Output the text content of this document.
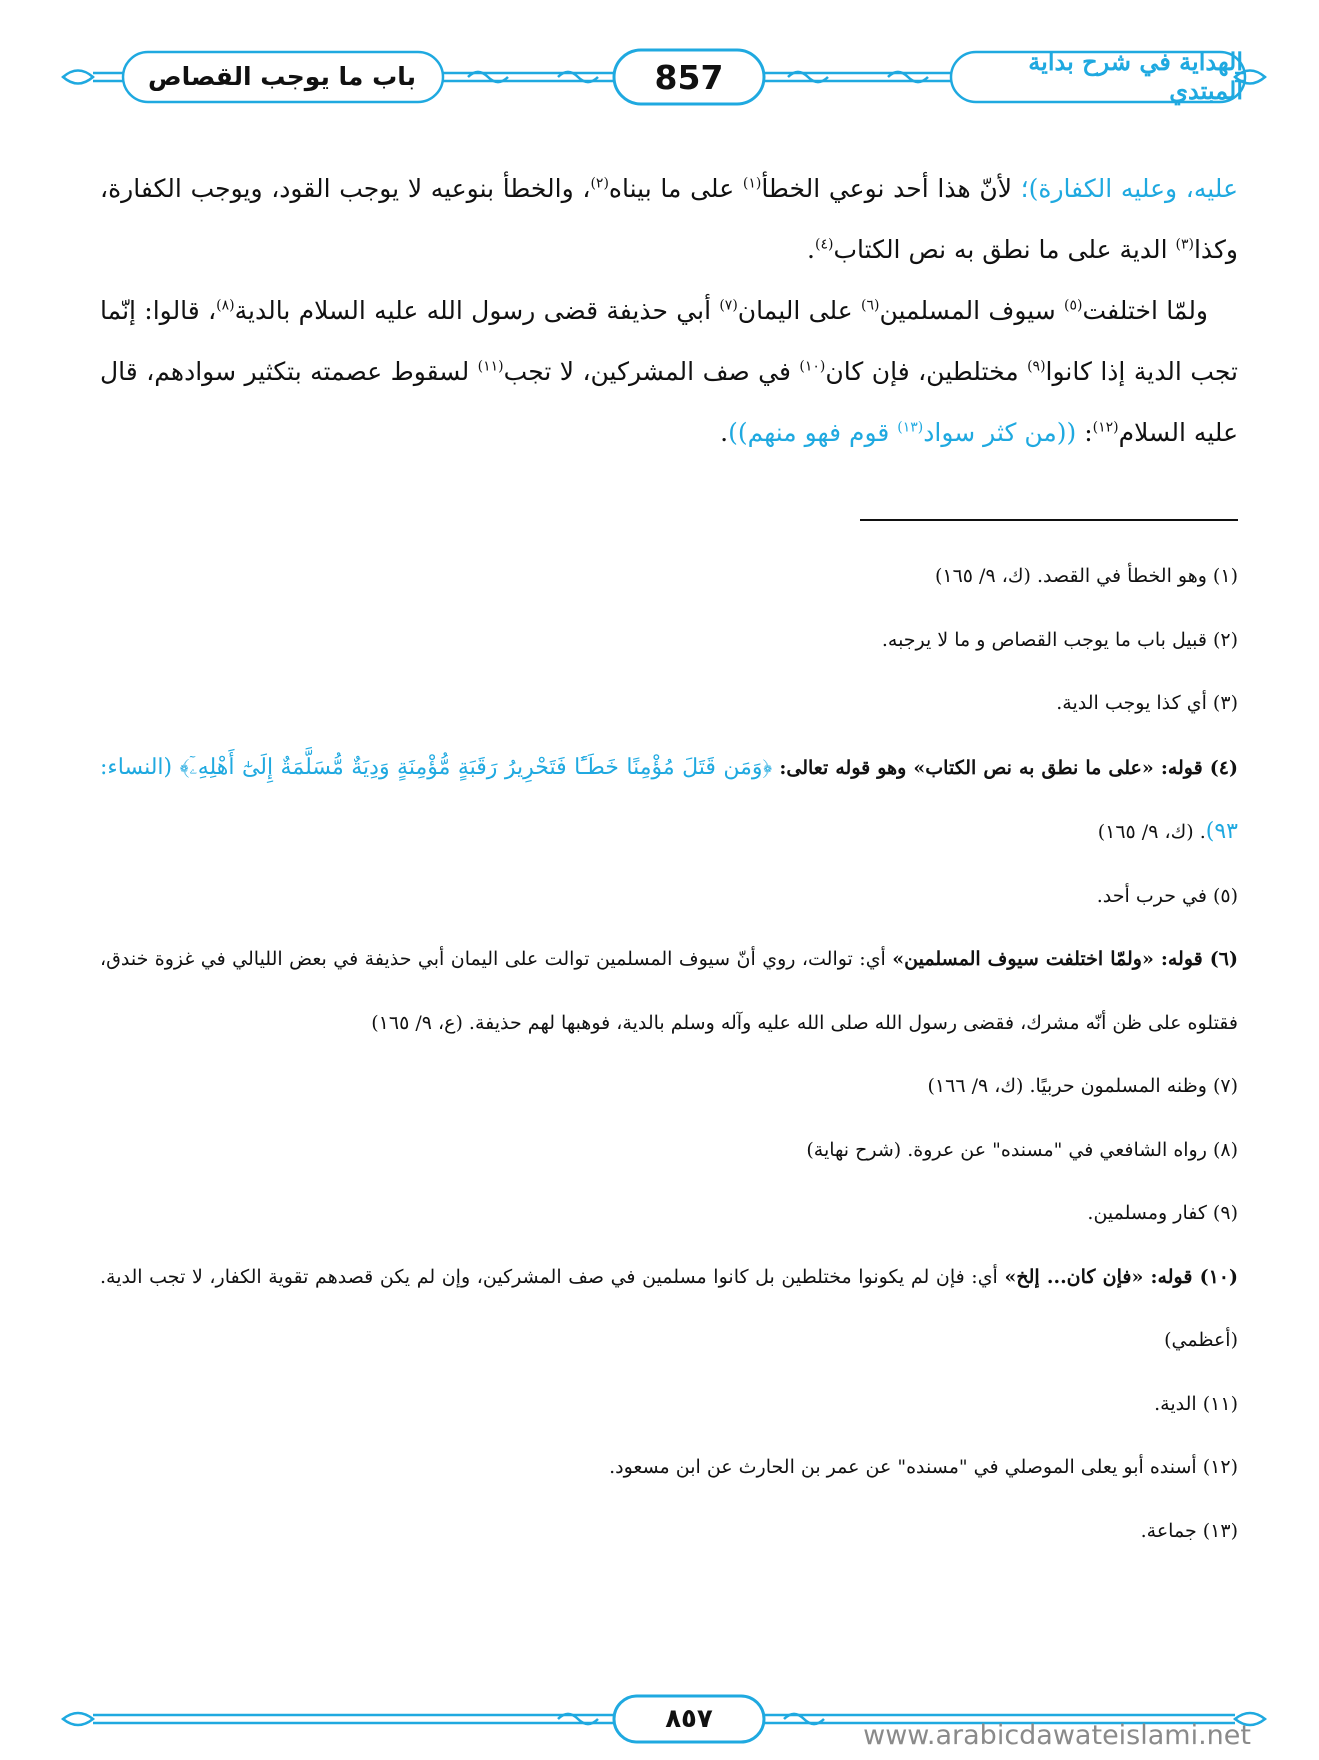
باب ما يوجب القصاص	857	الهداية في شرح بداية المبتدي

عليه، وعليه الكفارة)؛ لأنّ هذا أحد نوعي الخطأ$^{(١)}$ على ما بيناه$^{(٢)}$، والخطأ بنوعيه لا يوجب القود، ويوجب الكفارة، وكذا$^{(٣)}$ الدية على ما نطق به نص الكتاب$^{(٤)}$.

ولمّا اختلفت$^{(٥)}$ سيوف المسلمين$^{(٦)}$ على اليمان$^{(٧)}$ أبي حذيفة قضى رسول الله عليه السلام بالدية$^{(٨)}$، قالوا: إنّما تجب الدية إذا كانوا$^{(٩)}$ مختلطين، فإن كان$^{(١٠)}$ في صف المشركين، لا تجب$^{(١١)}$ لسقوط عصمته بتكثير سوادهم، قال عليه السلام$^{(١٢)}$: ((من كثر سواد$^{(١٣)}$ قوم فهو منهم)).

(١) وهو الخطأ في القصد. (ك، ٩/ ١٦٥)

(٢) قبيل باب ما يوجب القصاص و ما لا يرجبه.

(٣) أي كذا يوجب الدية.

(٤) قوله: «على ما نطق به نص الكتاب» وهو قوله تعالى: ﴿وَمَن قَتَلَ مُؤْمِنًا خَطَـًٔا فَتَحْرِيرُ رَقَبَةٍ مُّؤْمِنَةٍ وَدِيَةٌ مُّسَلَّمَةٌ إِلَىٰٓ أَهْلِهِۦٓ﴾ (النساء: ٩٣). (ك، ٩/ ١٦٥)

(٥) في حرب أحد.

(٦) قوله: «ولمّا اختلفت سيوف المسلمين» أي: توالت، روي أنّ سيوف المسلمين توالت على اليمان أبي حذيفة في بعض الليالي في غزوة خندق، فقتلوه على ظن أنّه مشرك، فقضى رسول الله صلى الله عليه وآله وسلم بالدية، فوهبها لهم حذيفة. (ع، ٩/ ١٦٥)

(٧) وظنه المسلمون حربيًا. (ك، ٩/ ١٦٦)

(٨) رواه الشافعي في "مسنده" عن عروة. (شرح نهاية)

(٩) كفار ومسلمين.

(١٠) قوله: «فإن كان... إلخ» أي: فإن لم يكونوا مختلطين بل كانوا مسلمين في صف المشركين، وإن لم يكن قصدهم تقوية الكفار، لا تجب الدية. (أعظمي)

(١١) الدية.

(١٢) أسنده أبو يعلى الموصلي في "مسنده" عن عمر بن الحارث عن ابن مسعود.

(١٣) جماعة.

٨٥٧
www.arabicdawateislami.net
